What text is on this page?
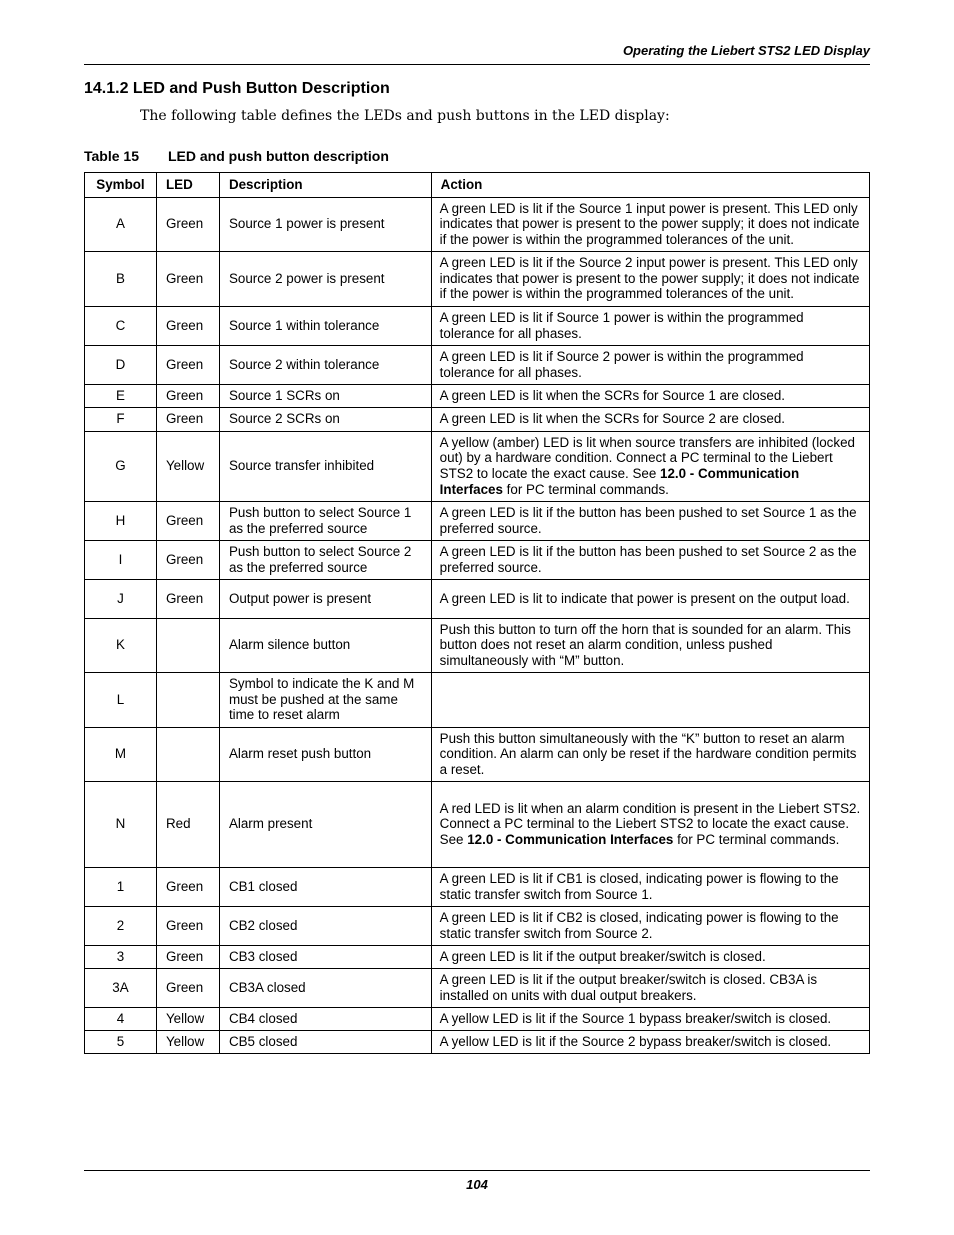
Operating the Liebert STS2 LED Display
14.1.2 LED and Push Button Description

The following table defines the LEDs and push buttons in the LED display:

Table 15 LED and push button description
Symbol	LED	Description	Action
A	Green	Source 1 power is present	A green LED is lit if the Source 1 input power is present. This LED only indicates that power is present to the power supply; it does not indicate if the power is within the programmed tolerances of the unit.
B	Green	Source 2 power is present	A green LED is lit if the Source 2 input power is present. This LED only indicates that power is present to the power supply; it does not indicate if the power is within the programmed tolerances of the unit.
C	Green	Source 1 within tolerance	A green LED is lit if Source 1 power is within the programmed tolerance for all phases.
D	Green	Source 2 within tolerance	A green LED is lit if Source 2 power is within the programmed tolerance for all phases.
E	Green	Source 1 SCRs on	A green LED is lit when the SCRs for Source 1 are closed.
F	Green	Source 2 SCRs on	A green LED is lit when the SCRs for Source 2 are closed.
G	Yellow	Source transfer inhibited	A yellow (amber) LED is lit when source transfers are inhibited (locked out) by a hardware condition. Connect a PC terminal to the Liebert STS2 to locate the exact cause. See 12.0 - Communication Interfaces for PC terminal commands.
H	Green	Push button to select Source 1 as the preferred source	A green LED is lit if the button has been pushed to set Source 1 as the preferred source.
I	Green	Push button to select Source 2 as the preferred source	A green LED is lit if the button has been pushed to set Source 2 as the preferred source.
J	Green	Output power is present	A green LED is lit to indicate that power is present on the output load.
K		Alarm silence button	Push this button to turn off the horn that is sounded for an alarm. This button does not reset an alarm condition, unless pushed simultaneously with “M” button.
L		Symbol to indicate the K and M must be pushed at the same time to reset alarm	
M		Alarm reset push button	Push this button simultaneously with the “K” button to reset an alarm condition. An alarm can only be reset if the hardware condition permits a reset.
N	Red	Alarm present	A red LED is lit when an alarm condition is present in the Liebert STS2.
Connect a PC terminal to the Liebert STS2 to locate the exact cause. See 12.0 - Communication Interfaces for PC terminal commands.
1	Green	CB1 closed	A green LED is lit if CB1 is closed, indicating power is flowing to the static transfer switch from Source 1.
2	Green	CB2 closed	A green LED is lit if CB2 is closed, indicating power is flowing to the static transfer switch from Source 2.
3	Green	CB3 closed	A green LED is lit if the output breaker/switch is closed.
3A	Green	CB3A closed	A green LED is lit if the output breaker/switch is closed. CB3A is installed on units with dual output breakers.
4	Yellow	CB4 closed	A yellow LED is lit if the Source 1 bypass breaker/switch is closed.
5	Yellow	CB5 closed	A yellow LED is lit if the Source 2 bypass breaker/switch is closed.
104
